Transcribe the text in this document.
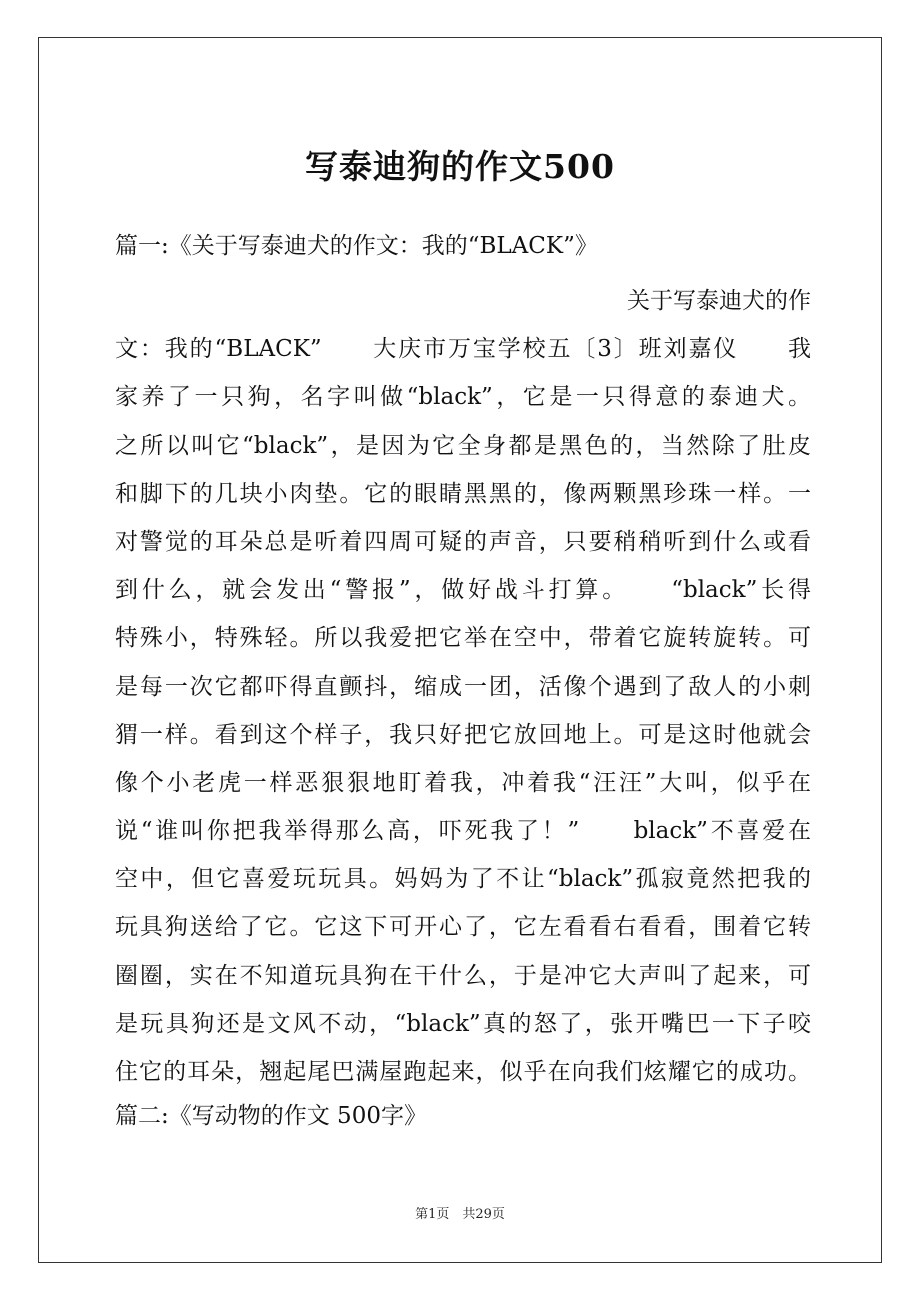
写泰迪狗的作文500
篇一:《关于写泰迪犬的作文：我的“BLACK”》
关于写泰迪犬的作
文：我的“BLACK”　　大庆市万宝学校五〔3〕班刘嘉仪　　我
家养了一只狗，名字叫做“black”，它是一只得意的泰迪犬。
之所以叫它“black”，是因为它全身都是黑色的，当然除了肚皮
和脚下的几块小肉垫。它的眼睛黑黑的，像两颗黑珍珠一样。一
对警觉的耳朵总是听着四周可疑的声音，只要稍稍听到什么或看
到什么，就会发出“警报”，做好战斗打算。　　“black”长得
特殊小，特殊轻。所以我爱把它举在空中，带着它旋转旋转。可
是每一次它都吓得直颤抖，缩成一团，活像个遇到了敌人的小刺
猬一样。看到这个样子，我只好把它放回地上。可是这时他就会
像个小老虎一样恶狠狠地盯着我，冲着我“汪汪”大叫，似乎在
说“谁叫你把我举得那么高，吓死我了！”　　black”不喜爱在
空中，但它喜爱玩玩具。妈妈为了不让“black”孤寂竟然把我的
玩具狗送给了它。它这下可开心了，它左看看右看看，围着它转
圈圈，实在不知道玩具狗在干什么，于是冲它大声叫了起来，可
是玩具狗还是文风不动，“black”真的怒了，张开嘴巴一下子咬
住它的耳朵，翘起尾巴满屋跑起来，似乎在向我们炫耀它的成功。
篇二:《写动物的作文 500字》
第1页　共29页
